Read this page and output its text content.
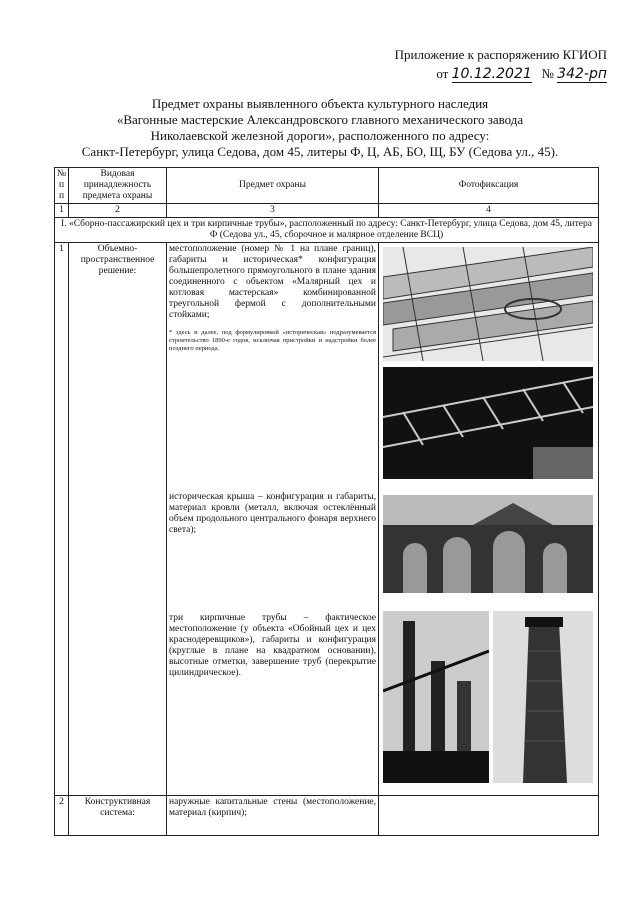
Приложение к распоряжению КГИОП
от 10.12.2021 № 342-рп
Предмет охраны выявленного объекта культурного наследия
«Вагонные мастерские Александровского главного механического завода
Николаевской железной дороги», расположенного по адресу:
Санкт-Петербург, улица Седова, дом 45, литеры Ф, Ц, АБ, БО, Щ, БУ (Седова ул., 45).
№ п п	Видовая принадлежность предмета охраны	Предмет охраны	Фотофиксация
1	2	3	4
I. «Сборно-пассажирский цех и три кирпичные трубы», расположенный по адресу: Санкт-Петербург, улица Седова, дом 45, литера Ф (Седова ул., 45, сборочное и малярное отделение ВСЦ)			
1	Объемно-пространственное решение:	местоположение (номер № 1 на плане границ), габариты и историческая* конфигурация большепролетного прямоугольного в плане здания соединенного с объектом «Малярный цех и котловая мастерская» комбинированной треугольной фермой с дополнительными стойками;
* здесь и далее, под формулировкой «историческая» подразумевается строительство 1890-е годов, исключая пристройки и надстройки более позднего периода.
историческая крыша – конфигурация и габариты, материал кровли (металл, включая остеклённый объем продольного центрального фонаря верхнего света);
три кирпичные трубы – фактическое местоположение (у объекта «Обойный цех и цех краснодеревщиков»), габариты и конфигурация (круглые в плане на квадратном основании), высотные отметки, завершение труб (перекрытие цилиндрическое).

2	Конструктивная система:	наружные капитальные стены (местоположение, материал (кирпич);	
